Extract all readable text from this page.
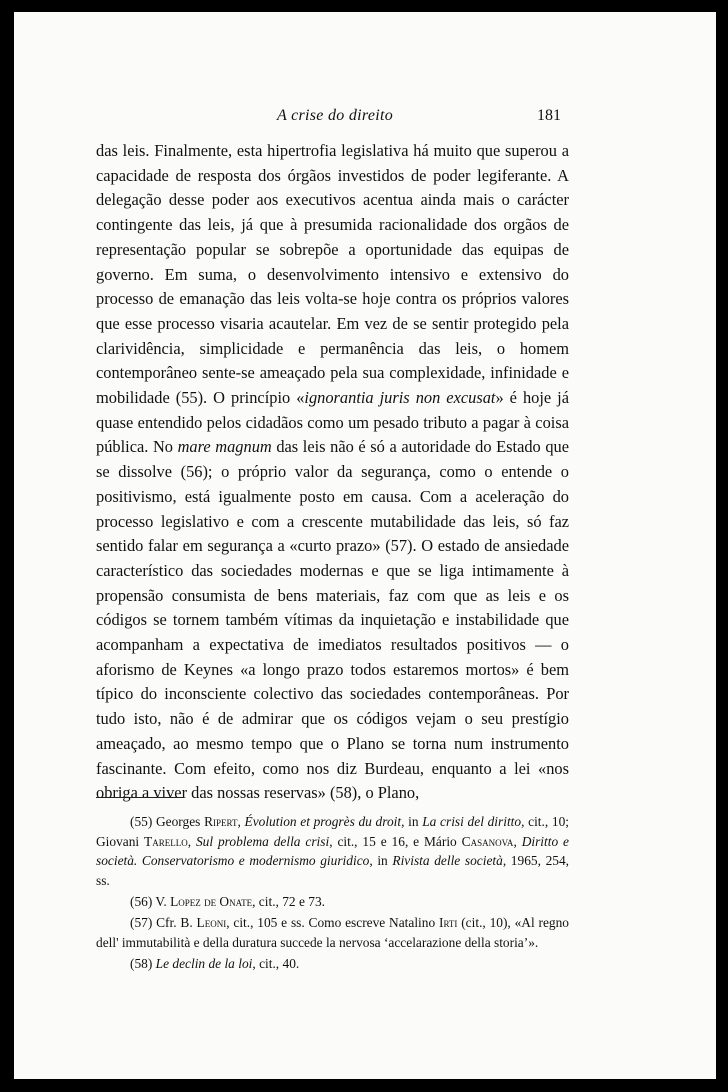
A crise do direito	181

das leis. Finalmente, esta hipertrofia legislativa há muito que superou a capacidade de resposta dos órgãos investidos de poder legiferante. A delegação desse poder aos executivos acentua ainda mais o carácter contingente das leis, já que à presumida racionalidade dos orgãos de representação popular se sobrepõe a oportunidade das equipas de governo. Em suma, o desenvolvimento intensivo e extensivo do processo de emanação das leis volta-se hoje contra os próprios valores que esse processo visaria acautelar. Em vez de se sentir protegido pela clarividência, simplicidade e permanência das leis, o homem contemporâneo sente-se ameaçado pela sua complexidade, infinidade e mobilidade (55). O princípio «ignorantia juris non excusat» é hoje já quase entendido pelos cidadãos como um pesado tributo a pagar à coisa pública. No mare magnum das leis não é só a autoridade do Estado que se dissolve (56); o próprio valor da segurança, como o entende o positivismo, está igualmente posto em causa. Com a aceleração do processo legislativo e com a crescente mutabilidade das leis, só faz sentido falar em segurança a «curto prazo» (57). O estado de ansiedade característico das sociedades modernas e que se liga intimamente à propensão consumista de bens materiais, faz com que as leis e os códigos se tornem também vítimas da inquietação e instabilidade que acompanham a expectativa de imediatos resultados positivos — o aforismo de Keynes «a longo prazo todos estaremos mortos» é bem típico do inconsciente colectivo das sociedades contemporâneas. Por tudo isto, não é de admirar que os códigos vejam o seu prestígio ameaçado, ao mesmo tempo que o Plano se torna num instrumento fascinante. Com efeito, como nos diz Burdeau, enquanto a lei «nos obriga a viver das nossas reservas» (58), o Plano,

(55) Georges Ripert, Évolution et progrès du droit, in La crisi del diritto, cit., 10; Giovani Tarello, Sul problema della crisi, cit., 15 e 16, e Mário Casanova, Diritto e società. Conservatorismo e modernismo giuridico, in Rivista delle società, 1965, 254, ss.

(56) V. Lopez de Onate, cit., 72 e 73.

(57) Cfr. B. Leoni, cit., 105 e ss. Como escreve Natalino Irti (cit., 10), «Al regno dell' immutabilità e della duratura succede la nervosa ‘accelarazione della storia’».

(58) Le declin de la loi, cit., 40.
